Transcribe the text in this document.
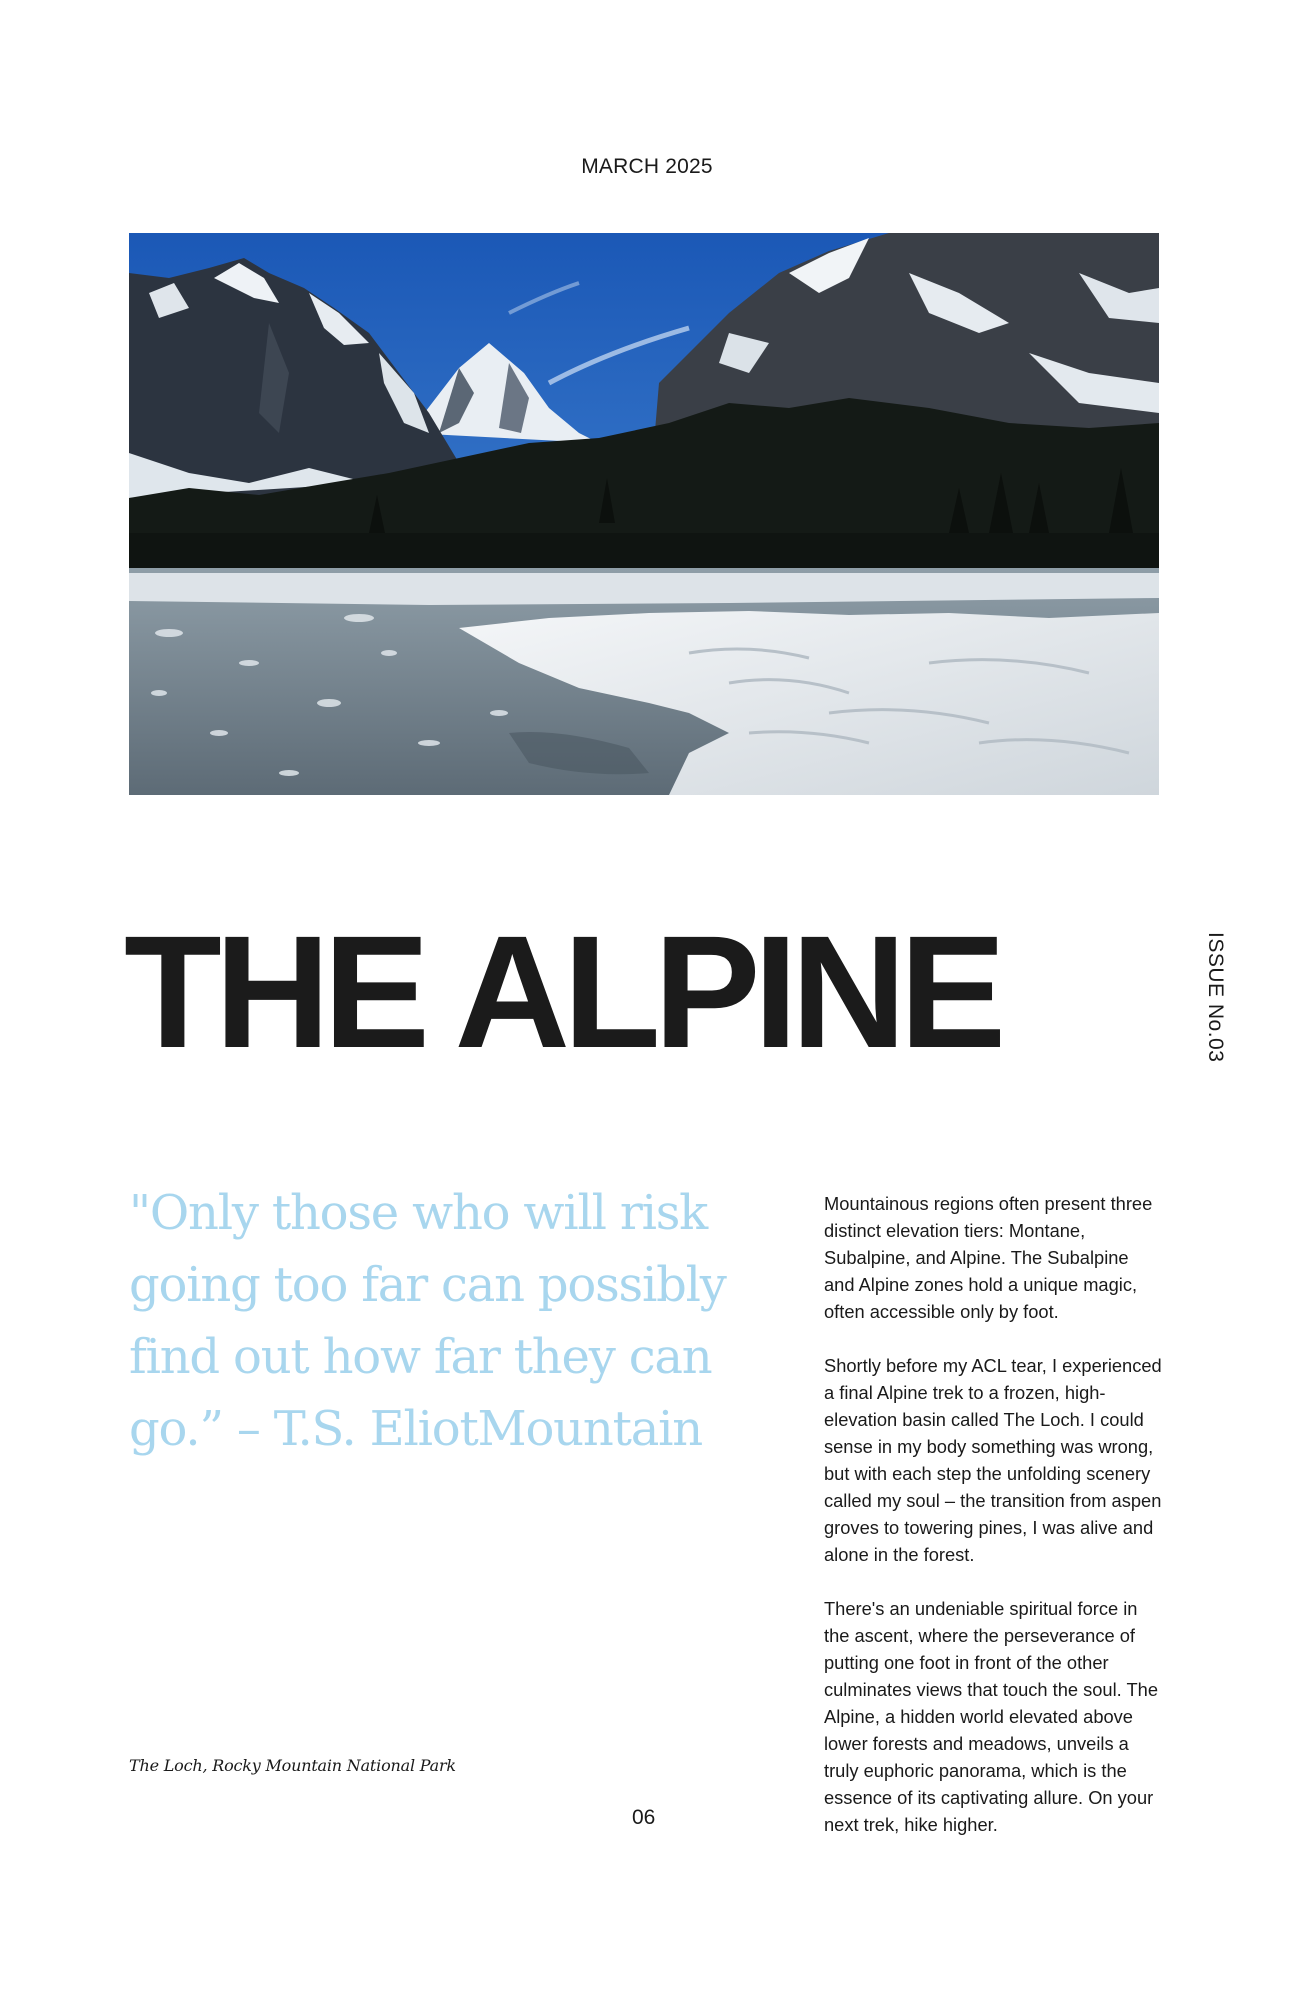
MARCH 2025
THE ALPINE	ISSUE No.03
"Only those who will risk going too far can possibly find out how far they can go.” – T.S. EliotMountain
The Loch, Rocky Mountain National Park
06

Mountainous regions often present three distinct elevation tiers: Montane, Subalpine, and Alpine. The Subalpine and Alpine zones hold a unique magic, often accessible only by foot.

Shortly before my ACL tear, I experienced a final Alpine trek to a frozen, high-elevation basin called The Loch. I could sense in my body something was wrong, but with each step the unfolding scenery called my soul – the transition from aspen groves to towering pines, I was alive and alone in the forest.

There's an undeniable spiritual force in the ascent, where the perseverance of putting one foot in front of the other culminates views that touch the soul. The Alpine, a hidden world elevated above lower forests and meadows, unveils a truly euphoric panorama, which is the essence of its captivating allure. On your next trek, hike higher.
